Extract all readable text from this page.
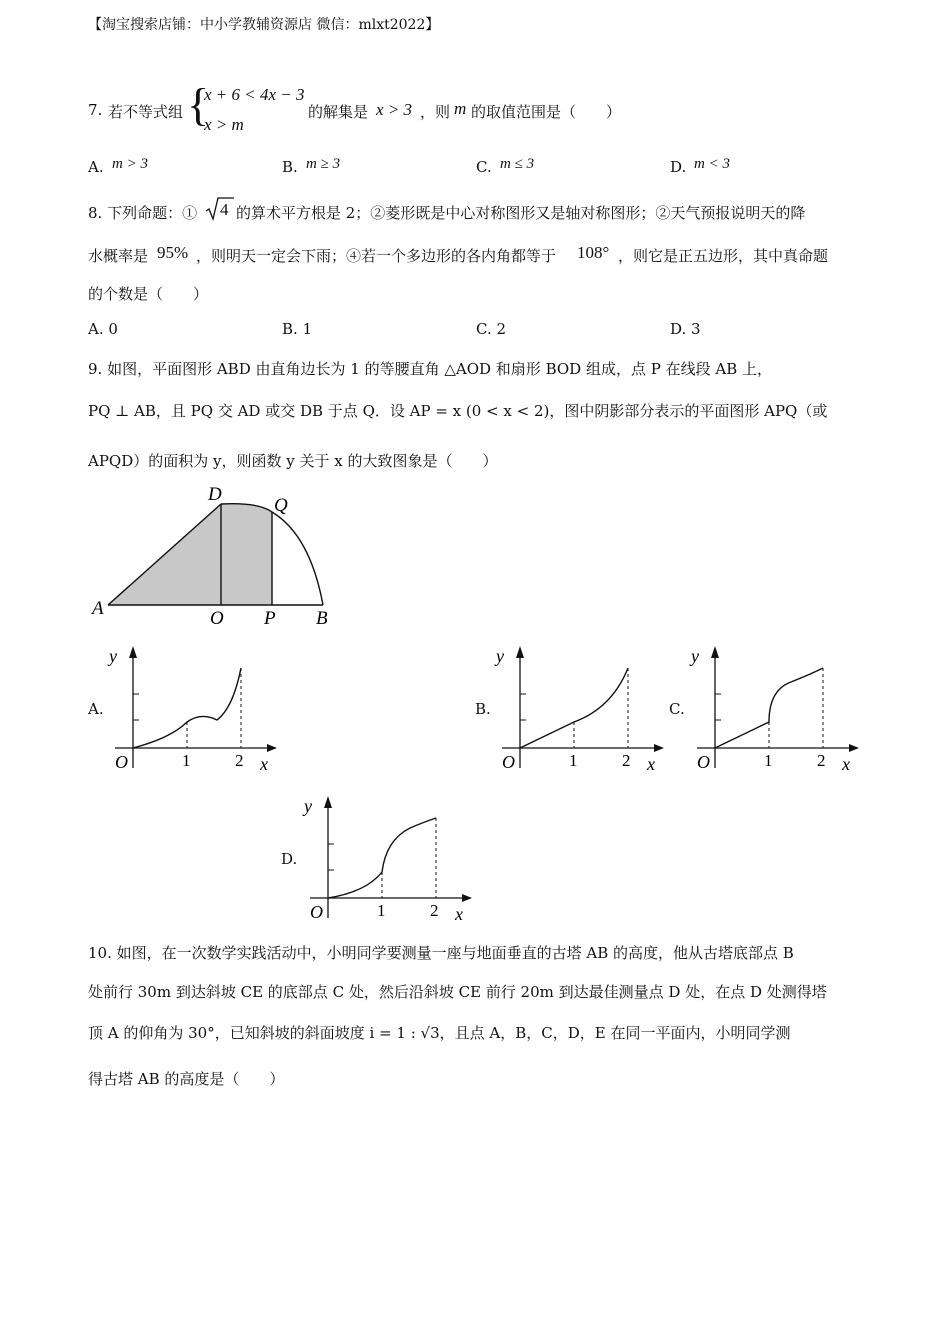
【淘宝搜索店铺：中小学教辅资源店 微信：mlxt2022】
7. 若不等式组 {
x + 6 < 4x − 3
x > m
的解集是 x > 3 ，则 m 的取值范围是（　　）
A. m > 3	B. m ≥ 3	C. m ≤ 3	D. m < 3
8. 下列命题：① 4 的算术平方根是 2；②菱形既是中心对称图形又是轴对称图形；②天气预报说明天的降
水概率是 95% ，则明天一定会下雨；④若一个多边形的各内角都等于 108° ，则它是正五边形，其中真命题
的个数是（　　）
A. 0	B. 1	C. 2	D. 3
9. 如图，平面图形 ABD 由直角边长为 1 的等腰直角 △AOD 和扇形 BOD 组成，点 P 在线段 AB 上，
PQ ⊥ AB，且 PQ 交 AD 或交 DB 于点 Q．设 AP = x (0 < x < 2)，图中阴影部分表示的平面图形 APQ（或
APQD）的面积为 y，则函数 y 关于 x 的大致图象是（　　）
A	O P B
D
Q
A.	B.	C.
D.
y
O	1	2 x
y
O	1	2 x
y
O	1	2 x
y
O	1	2 x
10. 如图，在一次数学实践活动中，小明同学要测量一座与地面垂直的古塔 AB 的高度，他从古塔底部点 B
处前行 30m 到达斜坡 CE 的底部点 C 处，然后沿斜坡 CE 前行 20m 到达最佳测量点 D 处，在点 D 处测得塔
顶 A 的仰角为 30°，已知斜坡的斜面坡度 i = 1 : √3，且点 A，B，C，D，E 在同一平面内，小明同学测
得古塔 AB 的高度是（　　）
